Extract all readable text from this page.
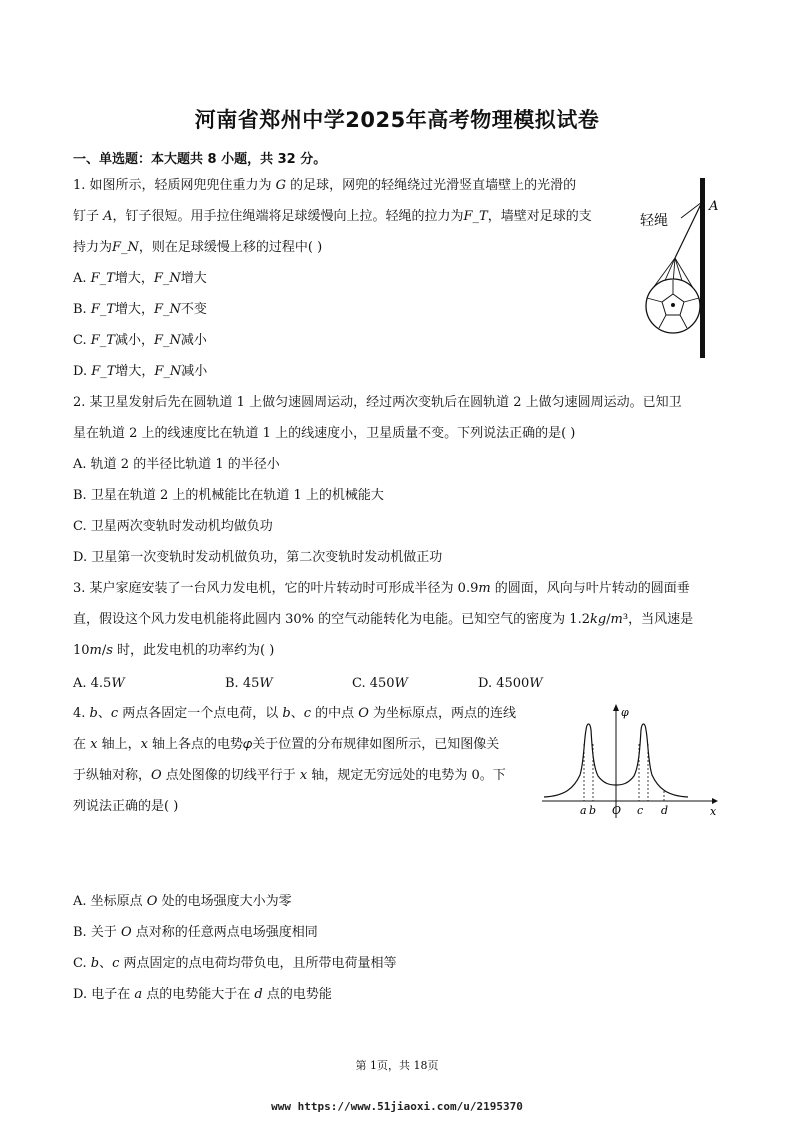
河南省郑州中学2025年高考物理模拟试卷
一、单选题：本大题共 8 小题，共 32 分。
1. 如图所示，轻质网兜兜住重力为 𝐺 的足球，网兜的轻绳绕过光滑竖直墙壁上的光滑的
钉子 𝐴，钉子很短。用手拉住绳端将足球缓慢向上拉。轻绳的拉力为𝐹_𝑇，墙壁对足球的支
持力为𝐹_𝑁，则在足球缓慢上移的过程中( )
A. 𝐹_𝑇增大，𝐹_𝑁增大
B. 𝐹_𝑇增大，𝐹_𝑁不变
C. 𝐹_𝑇减小，𝐹_𝑁减小
D. 𝐹_𝑇增大，𝐹_𝑁减小
轻绳
A
2. 某卫星发射后先在圆轨道 1 上做匀速圆周运动，经过两次变轨后在圆轨道 2 上做匀速圆周运动。已知卫
星在轨道 2 上的线速度比在轨道 1 上的线速度小，卫星质量不变。下列说法正确的是( )
A. 轨道 2 的半径比轨道 1 的半径小
B. 卫星在轨道 2 上的机械能比在轨道 1 上的机械能大
C. 卫星两次变轨时发动机均做负功
D. 卫星第一次变轨时发动机做负功，第二次变轨时发动机做正功
3. 某户家庭安装了一台风力发电机，它的叶片转动时可形成半径为 0.9𝑚 的圆面，风向与叶片转动的圆面垂
直，假设这个风力发电机能将此圆内 30% 的空气动能转化为电能。已知空气的密度为 1.2𝑘𝑔/𝑚³，当风速是
10𝑚/𝑠 时，此发电机的功率约为( )
A. 4.5𝑊	B. 45𝑊	C. 450𝑊	D. 4500𝑊
4. 𝑏、𝑐 两点各固定一个点电荷，以 𝑏、𝑐 的中点 𝑂 为坐标原点，两点的连线
在 𝑥 轴上，𝑥 轴上各点的电势𝜑关于位置的分布规律如图所示，已知图像关
于纵轴对称，𝑂 点处图像的切线平行于 𝑥 轴，规定无穷远处的电势为 0。下
列说法正确的是( )
φ
x
a b O c d
A. 坐标原点 𝑂 处的电场强度大小为零
B. 关于 𝑂 点对称的任意两点电场强度相同
C. 𝑏、𝑐 两点固定的点电荷均带负电，且所带电荷量相等
D. 电子在 𝑎 点的电势能大于在 𝑑 点的电势能
第 1页，共 18页
www https://www.51jiaoxi.com/u/2195370
